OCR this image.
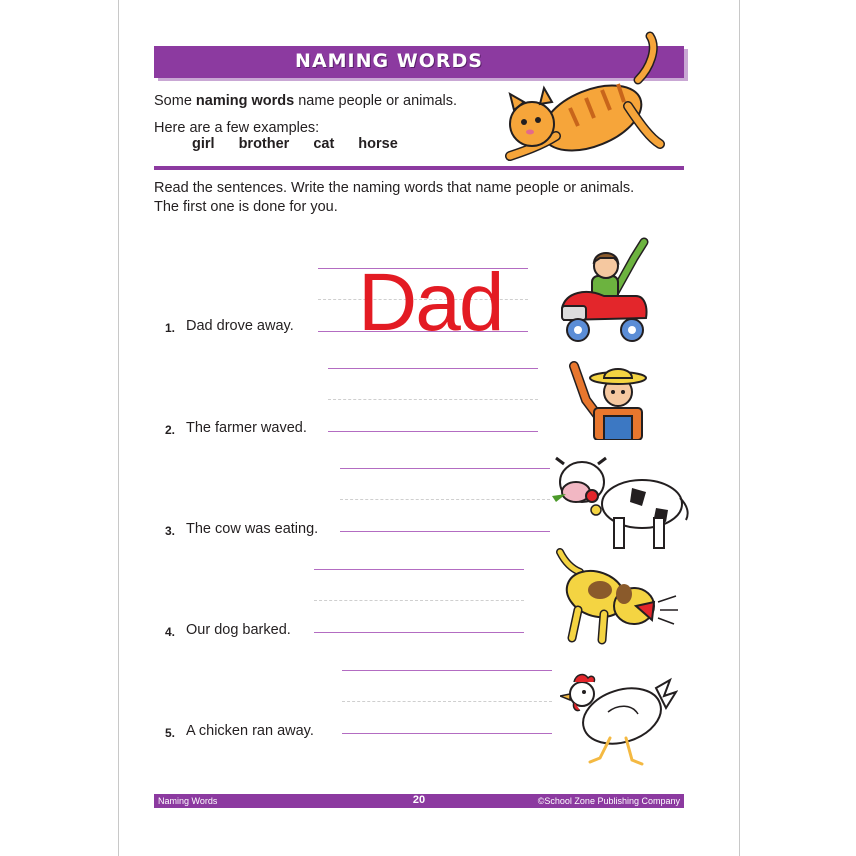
NAMING WORDS
Some naming words name people or animals.
Here are a few examples:
girl brother cat horse
Read the sentences. Write the naming words that name people or animals.
The first one is done for you.
1. Dad drove away. Dad
2. The farmer waved.
3. The cow was eating.
4. Our dog barked.
5. A chicken ran away.
Naming Words	20	©School Zone Publishing Company
